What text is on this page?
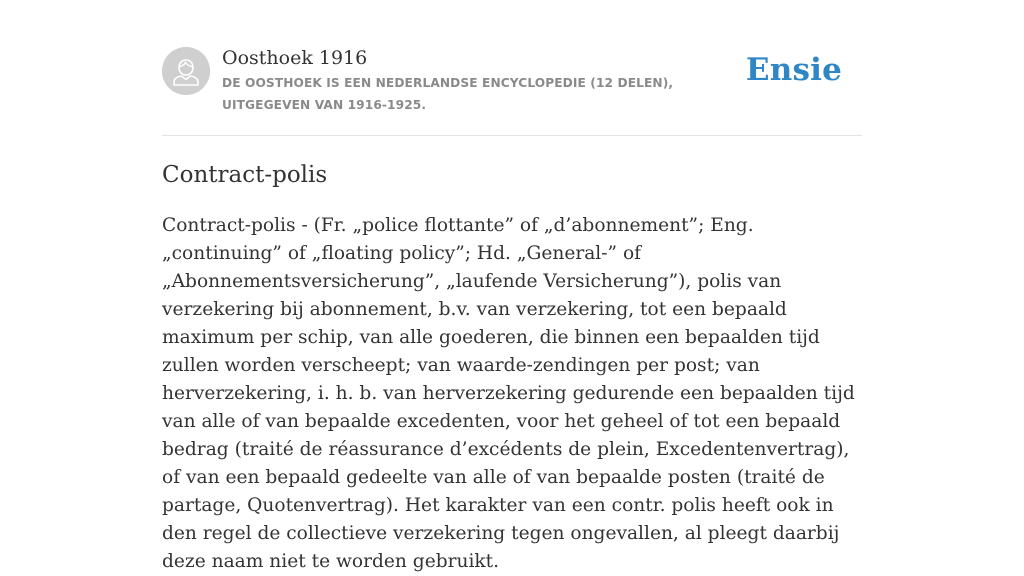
Oosthoek 1916
DE OOSTHOEK IS EEN NEDERLANDSE ENCYCLOPEDIE (12 DELEN), UITGEGEVEN VAN 1916-1925.
Ensie
Contract-polis

Contract-polis - (Fr. „police flottante” of „d’abonnement”; Eng. „continuing” of „floating policy”; Hd. „General-” of „Abonnementsversicherung”, „laufende Versicherung”), polis van verzekering bij abonnement, b.v. van verzekering, tot een bepaald maximum per schip, van alle goederen, die binnen een bepaalden tijd zullen worden verscheept; van waarde-zendingen per post; van herverzekering, i. h. b. van herverzekering gedurende een bepaalden tijd van alle of van bepaalde excedenten, voor het geheel of tot een bepaald bedrag (traité de réassurance d’excédents de plein, Excedentenvertrag), of van een bepaald gedeelte van alle of van bepaalde posten (traité de partage, Quotenvertrag). Het karakter van een contr. polis heeft ook in den regel de collectieve verzekering tegen ongevallen, al pleegt daarbij deze naam niet te worden gebruikt.
